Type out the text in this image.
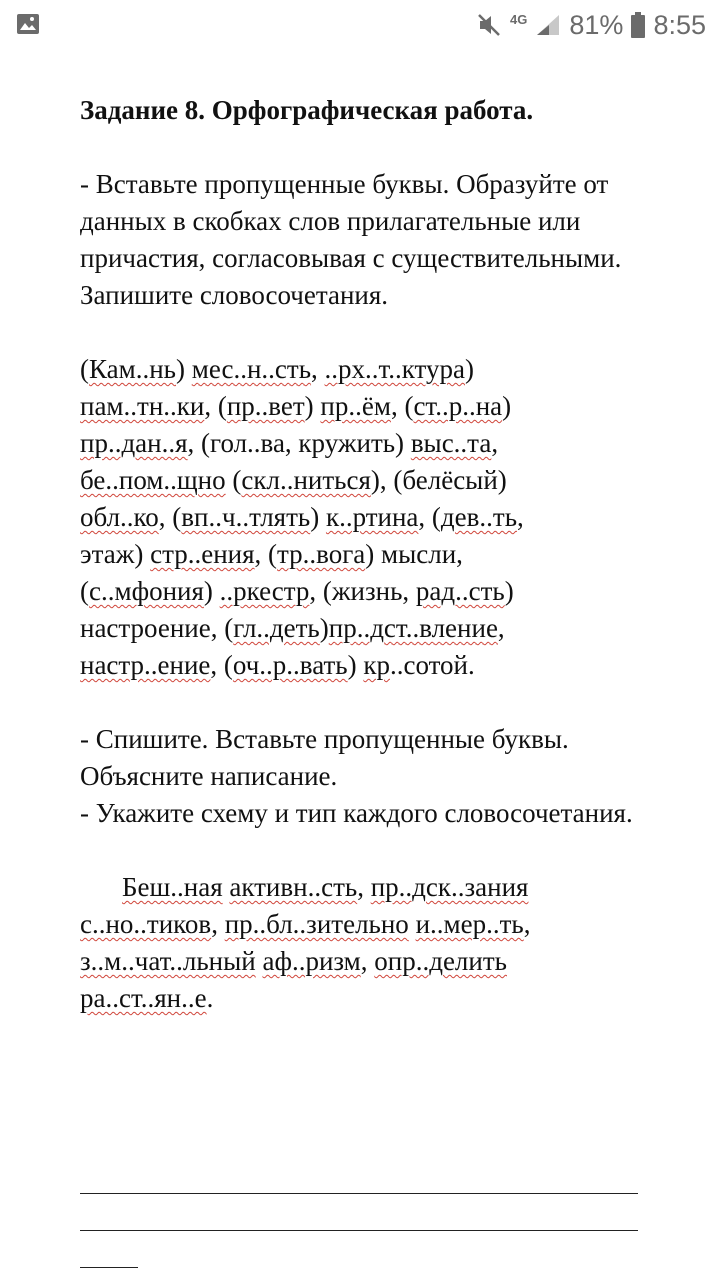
4G 81% 8:55

Задание 8. Орфографическая работа.

- Вставьте пропущенные буквы. Образуйте от данных в скобках слов прилагательные или причастия, согласовывая с существительными. Запишите словосочетания.

(Кам..нь) мес..н..сть, ..рх..т..ктура)
пам..тн..ки, (пр..вет) пр..ём, (ст..р..на)
пр..дан..я, (гол..ва, кружить) выс..та,
бе..пом..щно (скл..ниться), (белёсый)
обл..ко, (вп..ч..тлять) к..ртина, (дев..ть,
этаж) стр..ения, (тр..вога) мысли,
(с..мфония) ..ркестр, (жизнь, рад..сть)
настроение, (гл..деть)пр..дст..вление,
настр..ение, (оч..р..вать) кр..сотой.

- Спишите. Вставьте пропущенные буквы. Объясните написание.

- Укажите схему и тип каждого словосочетания.

Беш..ная активн..сть, пр..дск..зания
с..но..тиков, пр..бл..зительно и..мер..ть,
з..м..чат..льный аф..ризм, опр..делить
ра..ст..ян..е.
